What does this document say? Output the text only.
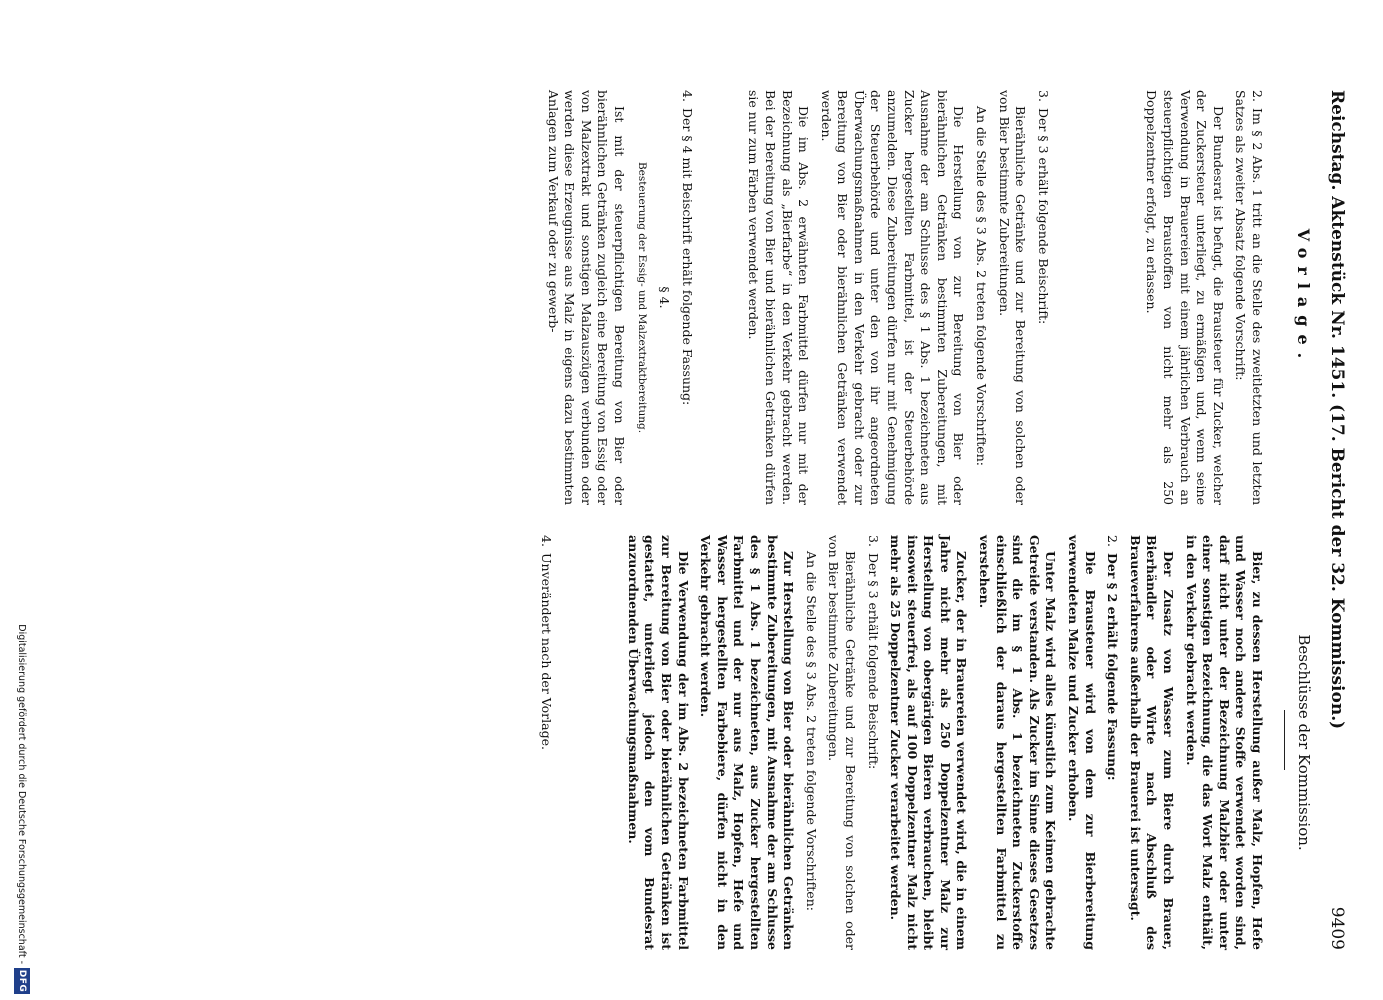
Reichstag. Aktenstück Nr. 1451. (17. Bericht der 32. Kommission.)
9409
Vorlage.
Beschlüsse der Kommission.

2.Im § 2 Abs. 1 tritt an die Stelle des zweitletzten und letzten Satzes als zweiter Absatz folgende Vorschrift:

Der Bundesrat ist befugt, die Brausteuer für Zucker, welcher der Zuckersteuer unterliegt, zu ermäßigen und, wenn seine Verwendung in Brauereien mit einem jährlichen Verbrauch an steuerpflichtigen Braustoffen von nicht mehr als 250 Doppelzentner erfolgt, zu erlassen.

3.Der § 3 erhält folgende Beischrift:

Bierähnliche Getränke und zur Bereitung von solchen oder von Bier bestimmte Zubereitungen.

An die Stelle des § 3 Abs. 2 treten folgende Vorschriften:

Die Herstellung von zur Bereitung von Bier oder bierähnlichen Getränken bestimmten Zubereitungen, mit Ausnahme der am Schlusse des § 1 Abs. 1 bezeichneten aus Zucker hergestellten Farbmittel, ist der Steuerbehörde anzumelden. Diese Zubereitungen dürfen nur mit Genehmigung der Steuerbehörde und unter den von ihr angeordneten Überwachungsmaßnahmen in den Verkehr gebracht oder zur Bereitung von Bier oder bierähnlichen Getränken verwendet werden.

Die im Abs. 2 erwähnten Farbmittel dürfen nur mit der Bezeichnung als „Bierfarbe“ in den Verkehr gebracht werden. Bei der Bereitung von Bier und bierähnlichen Getränken dürfen sie nur zum Färben verwendet werden.

4.Der § 4 mit Beischrift erhält folgende Fassung:

§ 4.

Besteuerung der Essig- und Malzextraktbereitung.

Ist mit der steuerpflichtigen Bereitung von Bier oder bierähnlichen Getränken zugleich eine Bereitung von Essig oder von Malzextrakt und sonstigen Malzauszügen verbunden oder werden diese Erzeugnisse aus Malz in eigens dazu bestimmten Anlagen zum Verkauf oder zu gewerb-

Bier, zu dessen Herstellung außer Malz, Hopfen, Hefe und Wasser noch andere Stoffe verwendet worden sind, darf nicht unter der Bezeichnung Malzbier oder unter einer sonstigen Bezeichnung, die das Wort Malz enthält, in den Verkehr gebracht werden.

Der Zusatz von Wasser zum Biere durch Brauer, Bierhändler oder Wirte nach Abschluß des Braueverfahrens außerhalb der Brauerei ist untersagt.

2.Der § 2 erhält folgende Fassung:

Die Brausteuer wird von dem zur Bierbereitung verwendeten Malze und Zucker erhoben.

Unter Malz wird alles künstlich zum Keimen gebrachte Getreide verstanden. Als Zucker im Sinne dieses Gesetzes sind die im § 1 Abs. 1 bezeichneten Zuckerstoffe einschließlich der daraus hergestellten Farbmittel zu verstehen.

Zucker, der in Brauereien verwendet wird, die in einem Jahre nicht mehr als 250 Doppelzentner Malz zur Herstellung von obergärigen Bieren verbrauchen, bleibt insoweit steuerfrei, als auf 100 Doppelzentner Malz nicht mehr als 25 Doppelzentner Zucker verarbeitet werden.

3.Der § 3 erhält folgende Beischrift:

Bierähnliche Getränke und zur Bereitung von solchen oder von Bier bestimmte Zubereitungen.

An die Stelle des § 3 Abs. 2 treten folgende Vorschriften:

Zur Herstellung von Bier oder bierähnlichen Getränken bestimmte Zubereitungen, mit Ausnahme der am Schlusse des § 1 Abs. 1 bezeichneten, aus Zucker hergestellten Farbmittel und der nur aus Malz, Hopfen, Hefe und Wasser hergestellten Farbebiere, dürfen nicht in den Verkehr gebracht werden.

Die Verwendung der im Abs. 2 bezeichneten Farbmittel zur Bereitung von Bier oder bierähnlichen Getränken ist gestattet, unterliegt jedoch den vom Bundesrat anzuordnenden Überwachungsmaßnahmen.

4.Unverändert nach der Vorlage.

Digitalisierung gefördert durch die Deutsche Forschungsgemeinschaft -
DFG
